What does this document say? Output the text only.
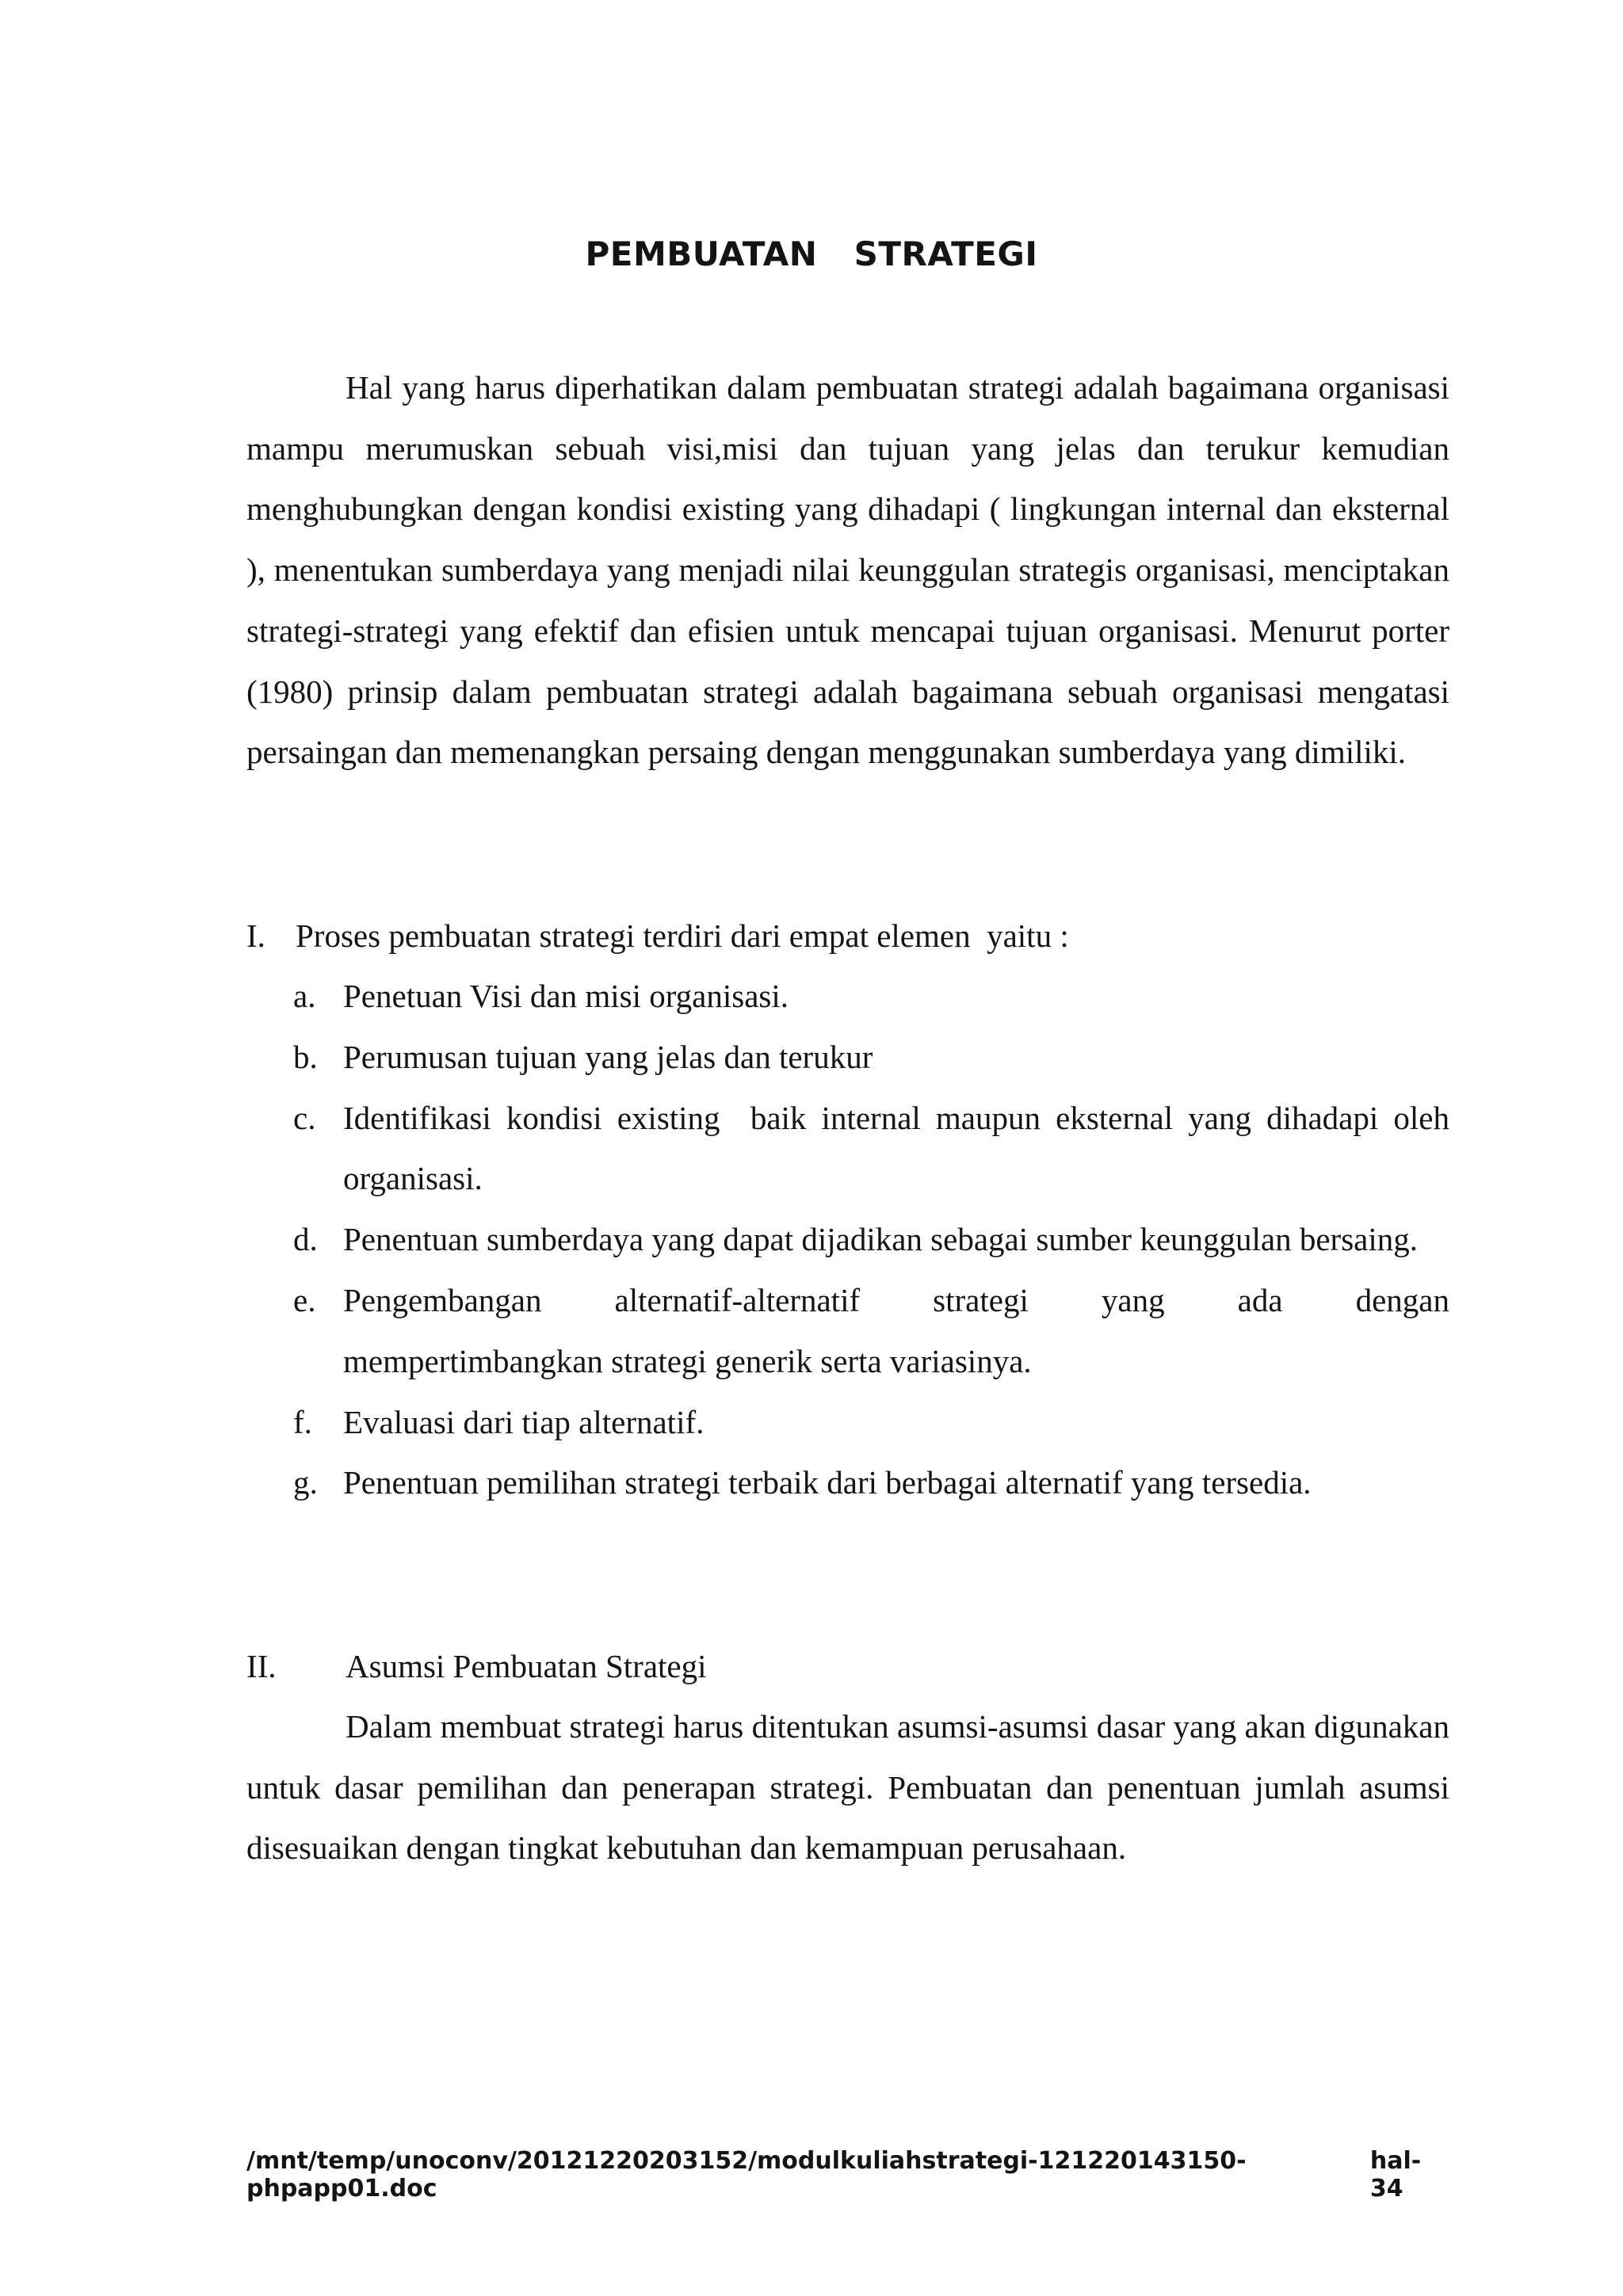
PEMBUATAN  STRATEGI

Hal yang harus diperhatikan dalam pembuatan strategi adalah bagaimana organisasi mampu merumuskan sebuah visi,misi dan tujuan yang jelas dan terukur kemudian menghubungkan dengan kondisi existing yang dihadapi ( lingkungan internal dan eksternal ), menentukan sumberdaya yang menjadi nilai keunggulan strategis organisasi, menciptakan strategi-strategi yang efektif dan efisien untuk mencapai tujuan organisasi. Menurut porter (1980) prinsip dalam pembuatan strategi adalah bagaimana sebuah organisasi mengatasi persaingan dan memenangkan persaing dengan menggunakan sumberdaya yang dimiliki.

I. Proses pembuatan strategi terdiri dari empat elemen  yaitu :
a. Penetuan Visi dan misi organisasi.
b. Perumusan tujuan yang jelas dan terukur
c. Identifikasi kondisi existing  baik internal maupun eksternal yang dihadapi oleh organisasi.
d. Penentuan sumberdaya yang dapat dijadikan sebagai sumber keunggulan bersaing.
e. Pengembangan alternatif-alternatif strategi yang ada dengan
mempertimbangkan strategi generik serta variasinya.
f. Evaluasi dari tiap alternatif.
g. Penentuan pemilihan strategi terbaik dari berbagai alternatif yang tersedia.
II. Asumsi Pembuatan Strategi

Dalam membuat strategi harus ditentukan asumsi-asumsi dasar yang akan digunakan untuk dasar pemilihan dan penerapan strategi. Pembuatan dan penentuan jumlah asumsi disesuaikan dengan tingkat kebutuhan dan kemampuan perusahaan.

/mnt/temp/unoconv/20121220203152/modulkuliahstrategi-121220143150-phpapp01.doc
hal-34
